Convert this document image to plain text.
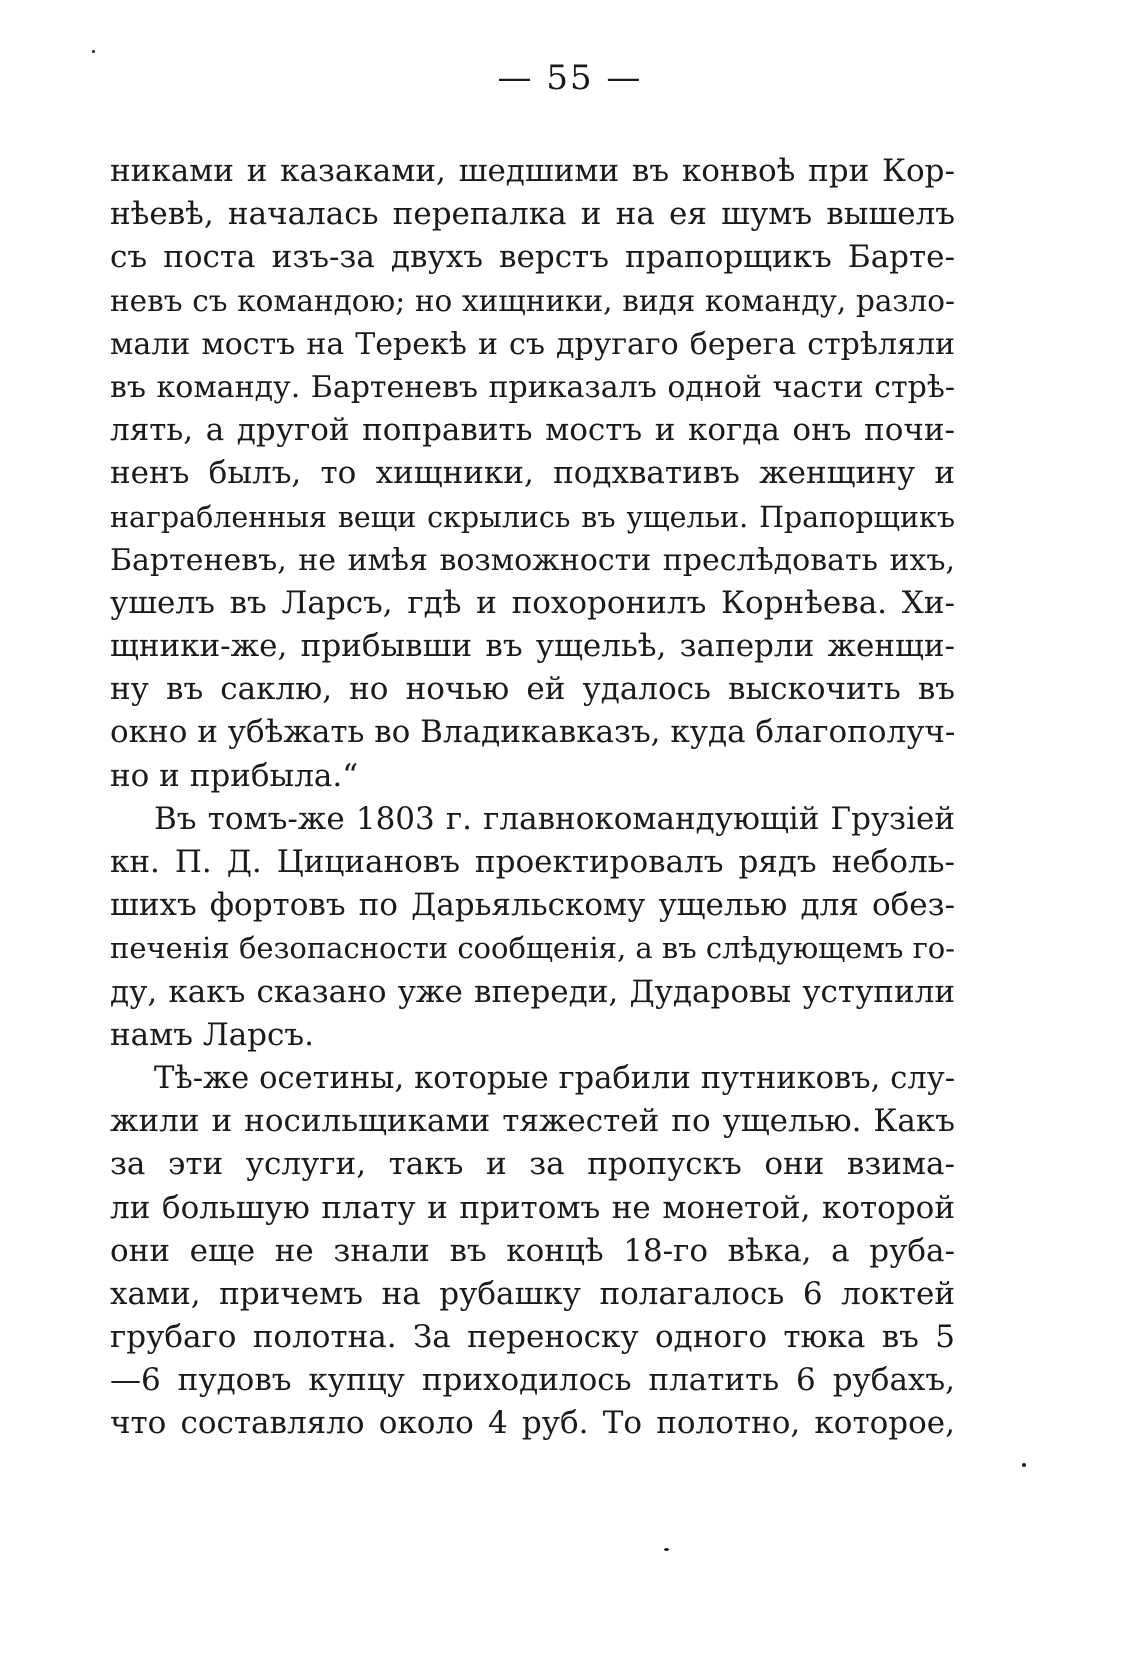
— 55 —
никами и казаками, шедшими въ конвоѣ при Кор-
нѣевѣ, началась перепалка и на ея шумъ вышелъ
съ поста изъ-за двухъ верстъ прапорщикъ Барте-
невъ съ командою; но хищники, видя команду, разло-
мали мостъ на Терекѣ и съ другаго берега стрѣляли
въ команду. Бартеневъ приказалъ одной части стрѣ-
лять, а другой поправить мостъ и когда онъ почи-
ненъ былъ, то хищники, подхвативъ женщину и
награбленныя вещи скрылись въ ущельи. Прапорщикъ
Бартеневъ, не имѣя возможности преслѣдовать ихъ,
ушелъ въ Ларсъ, гдѣ и похоронилъ Корнѣева. Хи-
щники-же, прибывши въ ущельѣ, заперли женщи-
ну въ саклю, но ночью ей удалось выскочить въ
окно и убѣжать во Владикавказъ, куда благополуч-
но и прибыла.“
Въ томъ-же 1803 г. главнокомандующій Грузіей
кн. П. Д. Цициановъ проектировалъ рядъ неболь-
шихъ фортовъ по Дарьяльскому ущелью для обез-
печенія безопасности сообщенія, а въ слѣдующемъ го-
ду, какъ сказано уже впереди, Дударовы уступили
намъ Ларсъ.
Тѣ-же осетины, которые грабили путниковъ, слу-
жили и носильщиками тяжестей по ущелью. Какъ
за эти услуги, такъ и за пропускъ они взима-
ли большую плату и притомъ не монетой, которой
они еще не знали въ концѣ 18-го вѣка, а руба-
хами, причемъ на рубашку полагалось 6 локтей
грубаго полотна. За переноску одного тюка въ 5
—6 пудовъ купцу приходилось платить 6 рубахъ,
что составляло около 4 руб. То полотно, которое,
